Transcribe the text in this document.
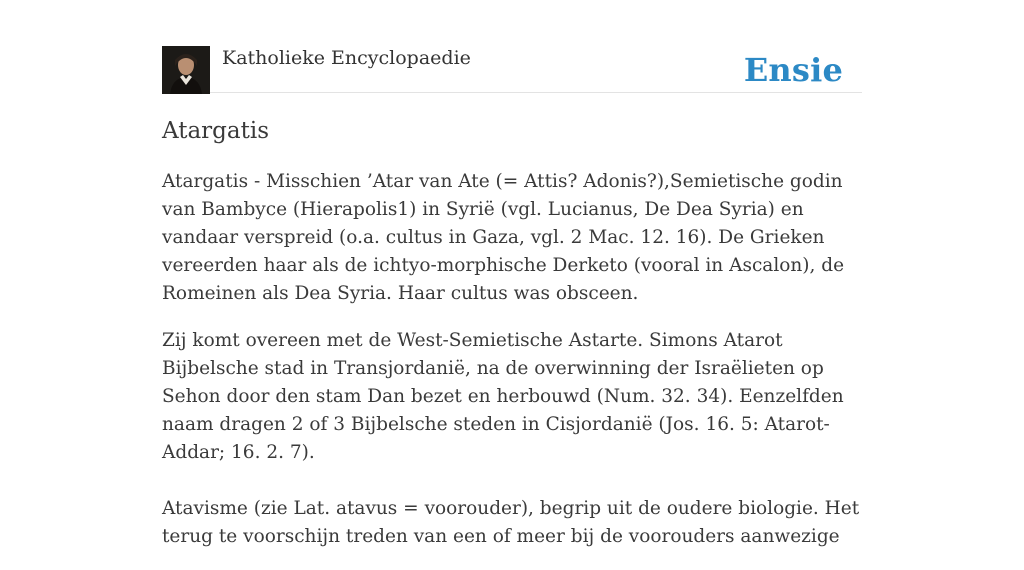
Katholieke Encyclopaedie	Ensie
Atargatis

Atargatis - Misschien ’Atar van Ate (= Attis? Adonis?),Semietische godin van Bambyce (Hierapolis1) in Syrië (vgl. Lucianus, De Dea Syria) en vandaar verspreid (o.a. cultus in Gaza, vgl. 2 Mac. 12. 16). De Grieken vereerden haar als de ichtyo-morphische Derketo (vooral in Ascalon), de Romeinen als Dea Syria. Haar cultus was obsceen.

Zij komt overeen met de West-Semietische Astarte. Simons Atarot Bijbelsche stad in Transjordanië, na de overwinning der Israëlieten op Sehon door den stam Dan bezet en herbouwd (Num. 32. 34). Eenzelfden naam dragen 2 of 3 Bijbelsche steden in Cisjordanië (Jos. 16. 5: Atarot-Addar; 16. 2. 7).

Atavisme (zie Lat. atavus = voorouder), begrip uit de oudere biologie. Het terug te voorschijn treden van een of meer bij de voorouders aanwezige
